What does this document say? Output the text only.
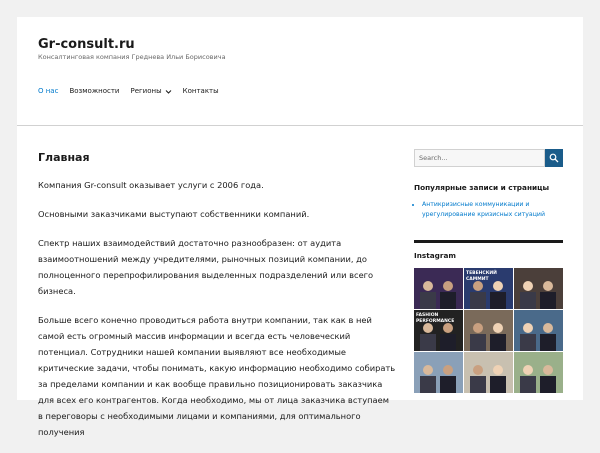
Gr-consult.ru
Консалтинговая компания Греднева Ильи Борисовича
О нас Возможности Регионы	Контакты
Главная

Компания Gr-consult оказывает услуги с 2006 года.

Основными заказчиками выступают собственники компаний.

Спектр наших взаимодействий достаточно разнообразен: от аудита взаимоотношений между учредителями, рыночных позиций компании, до полноценного перепрофилирования выделенных подразделений или всего бизнеса.

Больше всего конечно проводиться работа внутри компании, так как в ней самой есть огромный массив информации и всегда есть человеческий потенциал. Сотрудники нашей компании выявляют все необходимые критические задачи, чтобы понимать, какую информацию необходимо собирать за пределами компании и как вообще правильно позиционировать заказчика для всех его контрагентов. Когда необходимо, мы от лица заказчика вступаем в переговоры с необходимыми лицами и компаниями, для оптимального получения

Search...
Популярные записи и страницы
• Антикризисные коммуникации и урегулирование кризисных ситуаций
Instagram
ТЕВЕНСКИЙ САММИТ
FASHION PERFORMANCE
